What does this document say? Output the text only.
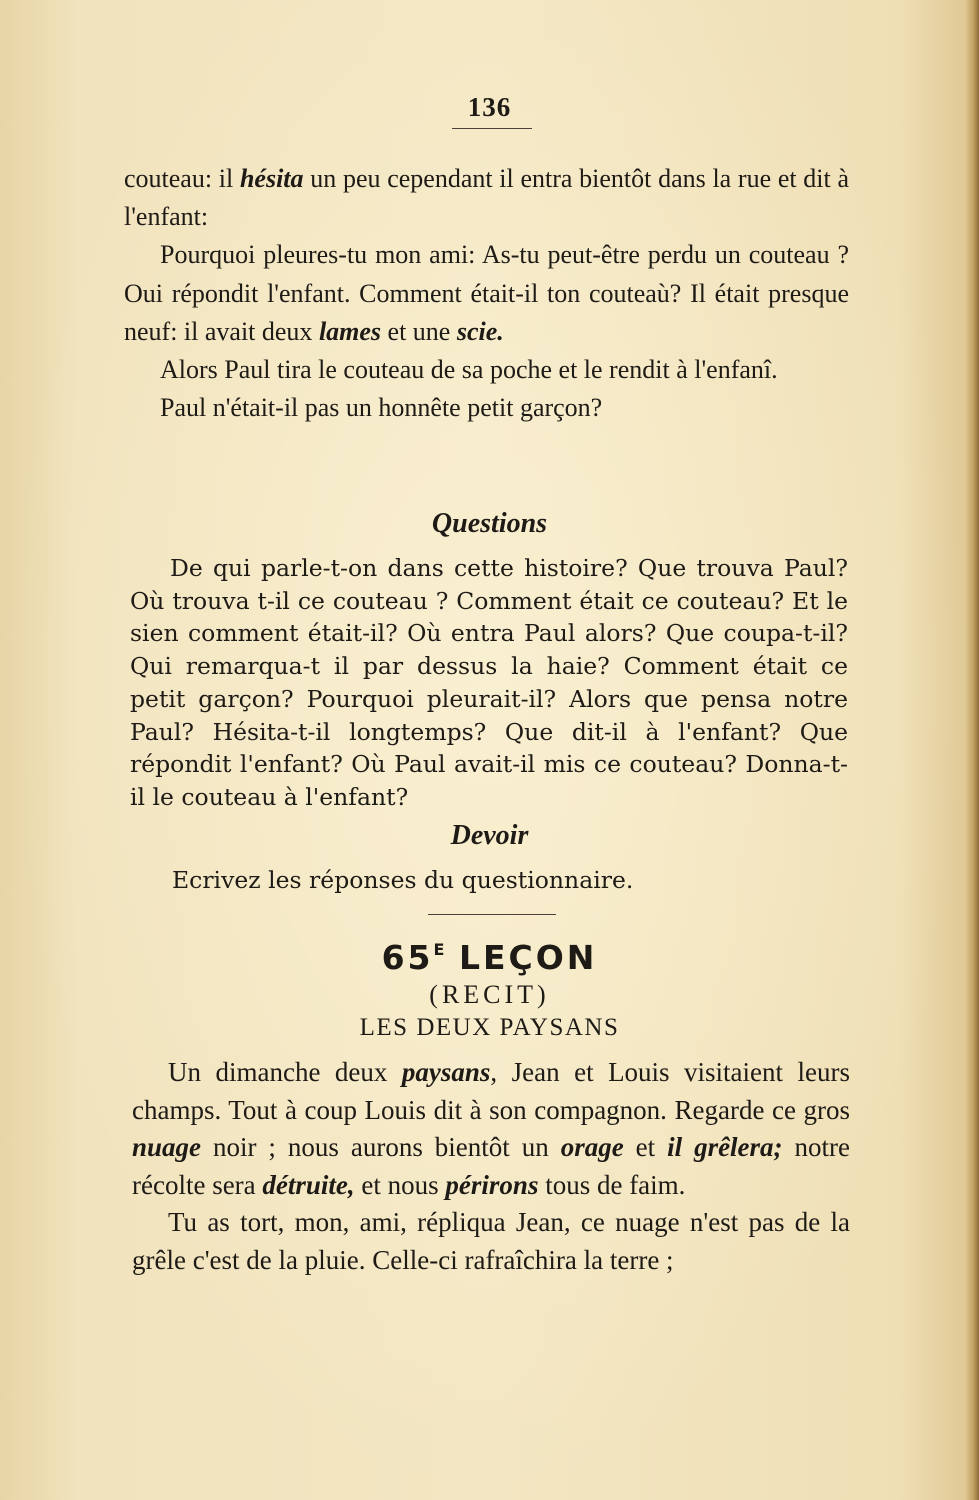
136

couteau: il hésita un peu cependant il entra bientôt dans la rue et dit à l'enfant:

Pourquoi pleures-tu mon ami: As-tu peut-être perdu un couteau ? Oui répondit l'enfant. Comment était-il ton couteaù? Il était presque neuf: il avait deux lames et une scie.

Alors Paul tira le couteau de sa poche et le rendit à l'enfanî.

Paul n'était-il pas un honnête petit garçon?

Questions

De qui parle-t-on dans cette histoire? Que trouva Paul? Où trouva t-il ce couteau ? Comment était ce couteau? Et le sien comment était-il? Où entra Paul alors? Que coupa-t-il? Qui remarqua-t il par dessus la haie? Comment était ce petit garçon? Pourquoi pleurait-il? Alors que pensa notre Paul? Hésita-t-il longtemps? Que dit-il à l'enfant? Que répondit l'enfant? Où Paul avait-il mis ce couteau? Donna-t-il le couteau à l'enfant?

Devoir
Ecrivez les réponses du questionnaire.
$65^E$ LEÇON
(RECIT)
LES DEUX PAYSANS

Un dimanche deux paysans, Jean et Louis visitaient leurs champs. Tout à coup Louis dit à son compagnon. Regarde ce gros nuage noir ; nous aurons bientôt un orage et il grêlera; notre récolte sera détruite, et nous périrons tous de faim.

Tu as tort, mon, ami, répliqua Jean, ce nuage n'est pas de la grêle c'est de la pluie. Celle-ci rafraîchira la terre ;
